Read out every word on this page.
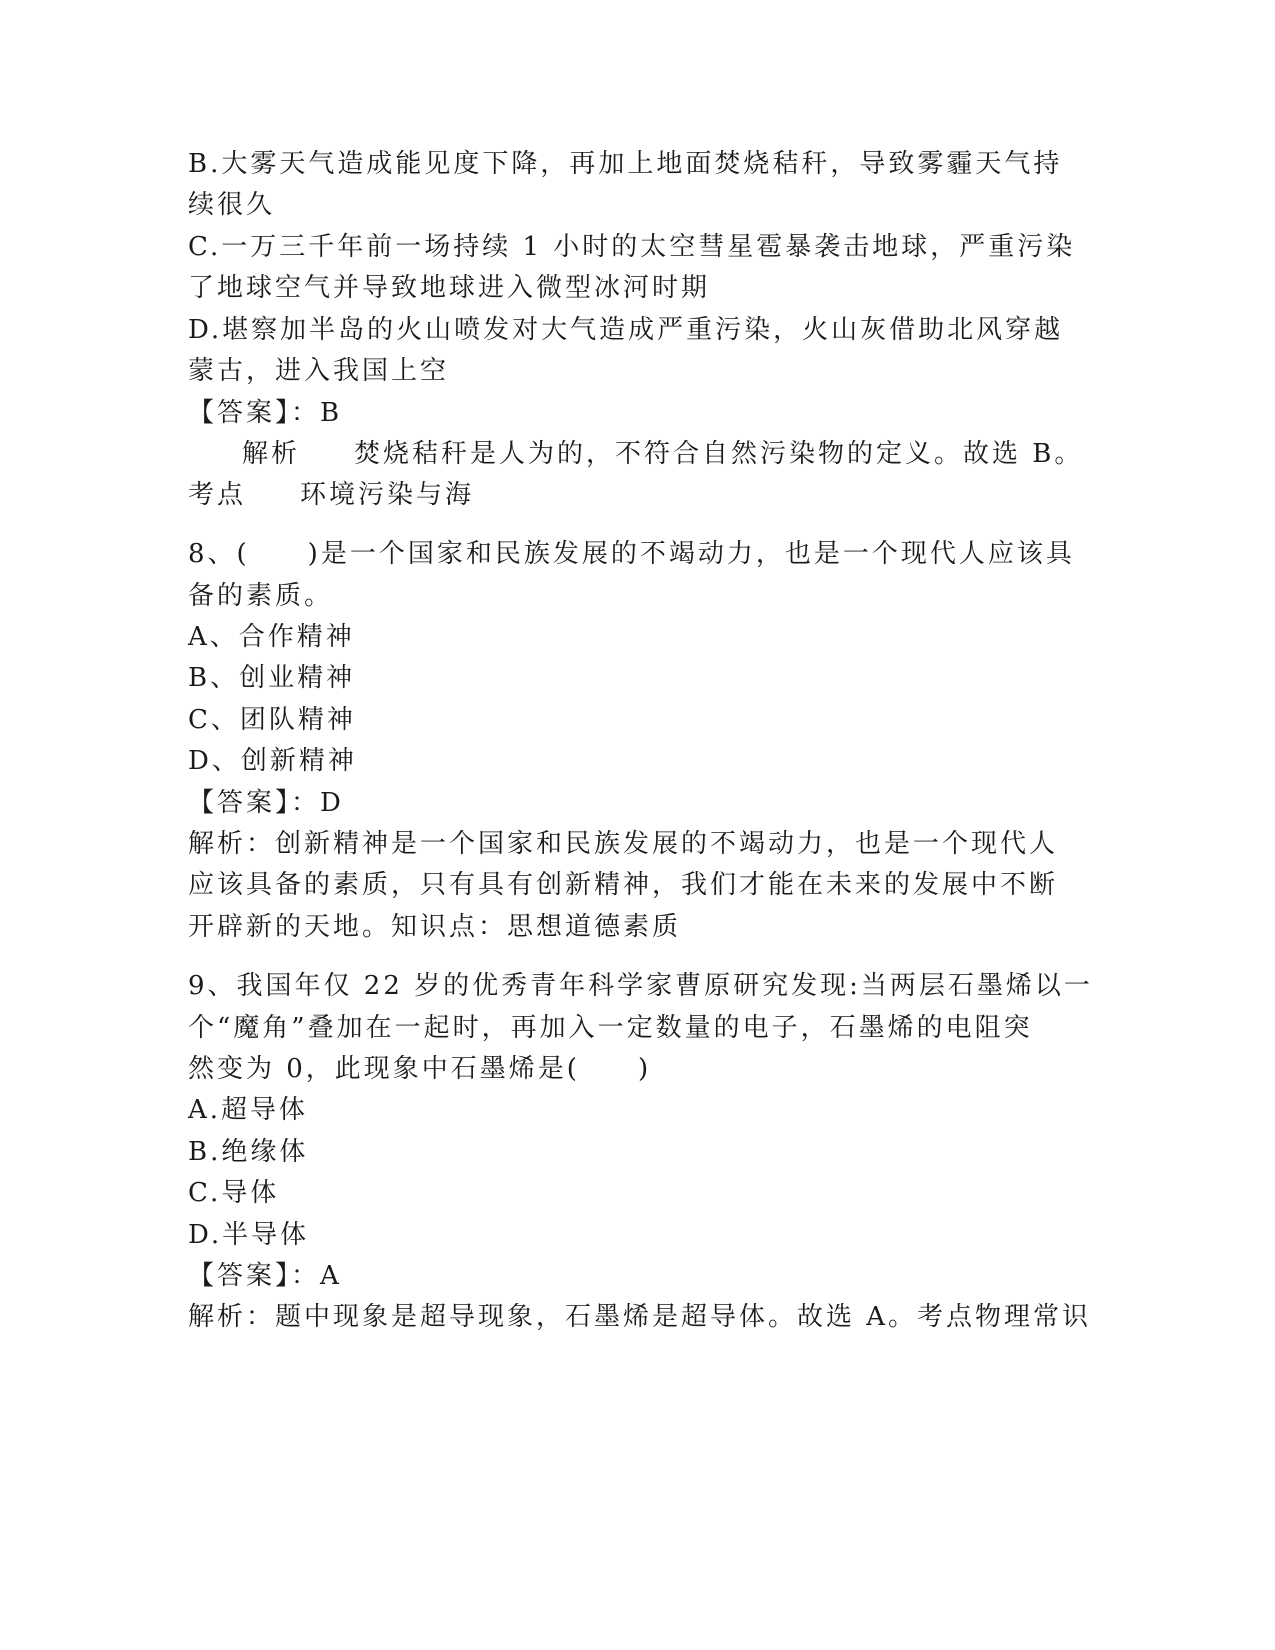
B.大雾天气造成能见度下降，再加上地面焚烧秸秆，导致雾霾天气持
续很久
C.一万三千年前一场持续 1 小时的太空彗星雹暴袭击地球，严重污染
了地球空气并导致地球进入微型冰河时期
D.堪察加半岛的火山喷发对大气造成严重污染，火山灰借助北风穿越
蒙古，进入我国上空
【答案】：B
解析 焚烧秸秆是人为的，不符合自然污染物的定义。故选 B。
考点 环境污染与海
8、(　　)是一个国家和民族发展的不竭动力，也是一个现代人应该具
备的素质。
A、合作精神
B、创业精神
C、团队精神
D、创新精神
【答案】：D
解析：创新精神是一个国家和民族发展的不竭动力，也是一个现代人
应该具备的素质，只有具有创新精神，我们才能在未来的发展中不断
开辟新的天地。知识点：思想道德素质
9、我国年仅 22 岁的优秀青年科学家曹原研究发现:当两层石墨烯以一
个“魔角”叠加在一起时，再加入一定数量的电子，石墨烯的电阻突
然变为 0，此现象中石墨烯是(　　)
A.超导体
B.绝缘体
C.导体
D.半导体
【答案】：A
解析：题中现象是超导现象，石墨烯是超导体。故选 A。考点物理常识
